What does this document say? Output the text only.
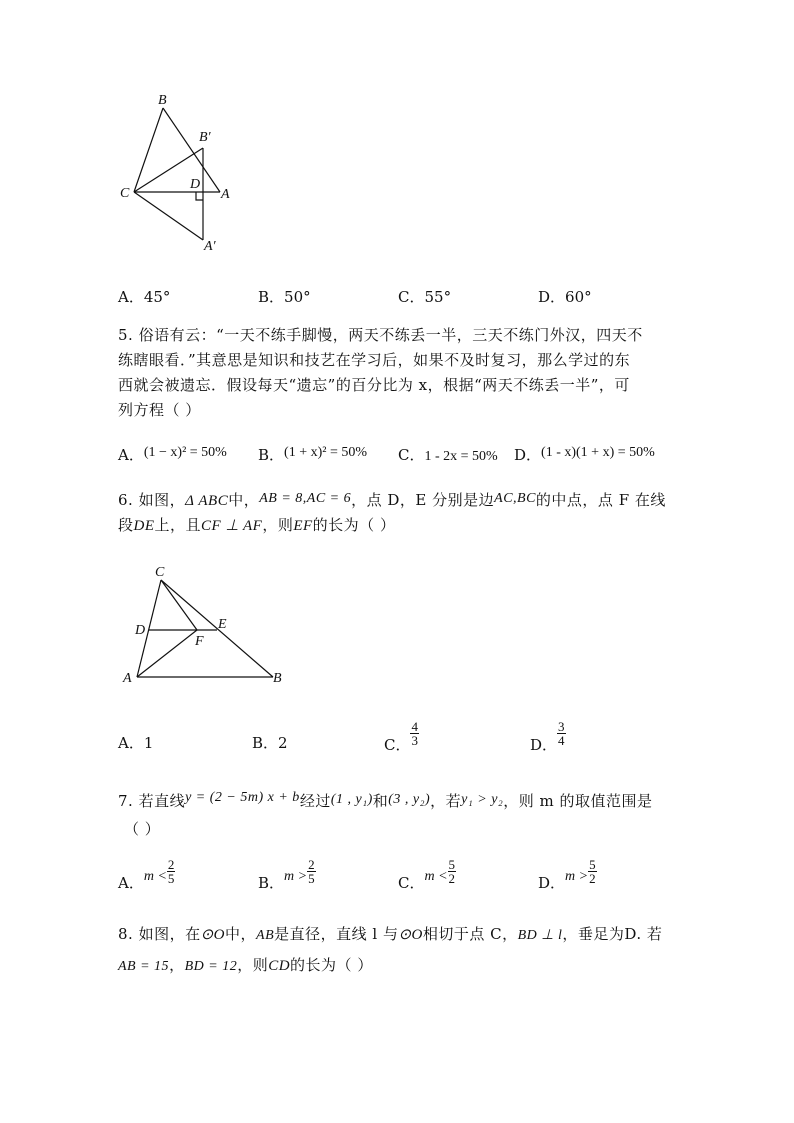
B
B′
C
D
A
A′
A．45°	B．50°	C．55°	D．60°
5. 俗语有云：“一天不练手脚慢，两天不练丢一半，三天不练门外汉，四天不
练瞎眼看．”其意思是知识和技艺在学习后，如果不及时复习，那么学过的东
西就会被遗忘．假设每天“遗忘”的百分比为 x，根据“两天不练丢一半”，可
列方程（ ）
A．(1 − x)² = 50% B．(1 + x)² = 50% C．1 - 2x = 50% D．(1 - x)(1 + x) = 50%
6. 如图，Δ ABC中，AB = 8,AC = 6，点 D，E 分别是边AC,BC的中点，点 F 在线
段DE上，且CF ⊥ AF，则EF的长为（ ）
C
D	E
F
A	B
A．1	B．2	C． $\frac{4}{3}$	D． $\frac{3}{4}$
7. 若直线y = (2 − 5m) x + b经过(1 , y₁)和(3 , y₂)，若y₁ > y₂，则 m 的取值范围是
（ ）
A．$m < \frac{2}{5}$	B．$m > \frac{2}{5}$	C．$m < \frac{5}{2}$	D．$m > \frac{5}{2}$
8. 如图，在⊙O中，AB是直径，直线 l 与⊙O相切于点 C，BD ⊥ l，垂足为D. 若
AB = 15，BD = 12，则CD的长为（ ）
